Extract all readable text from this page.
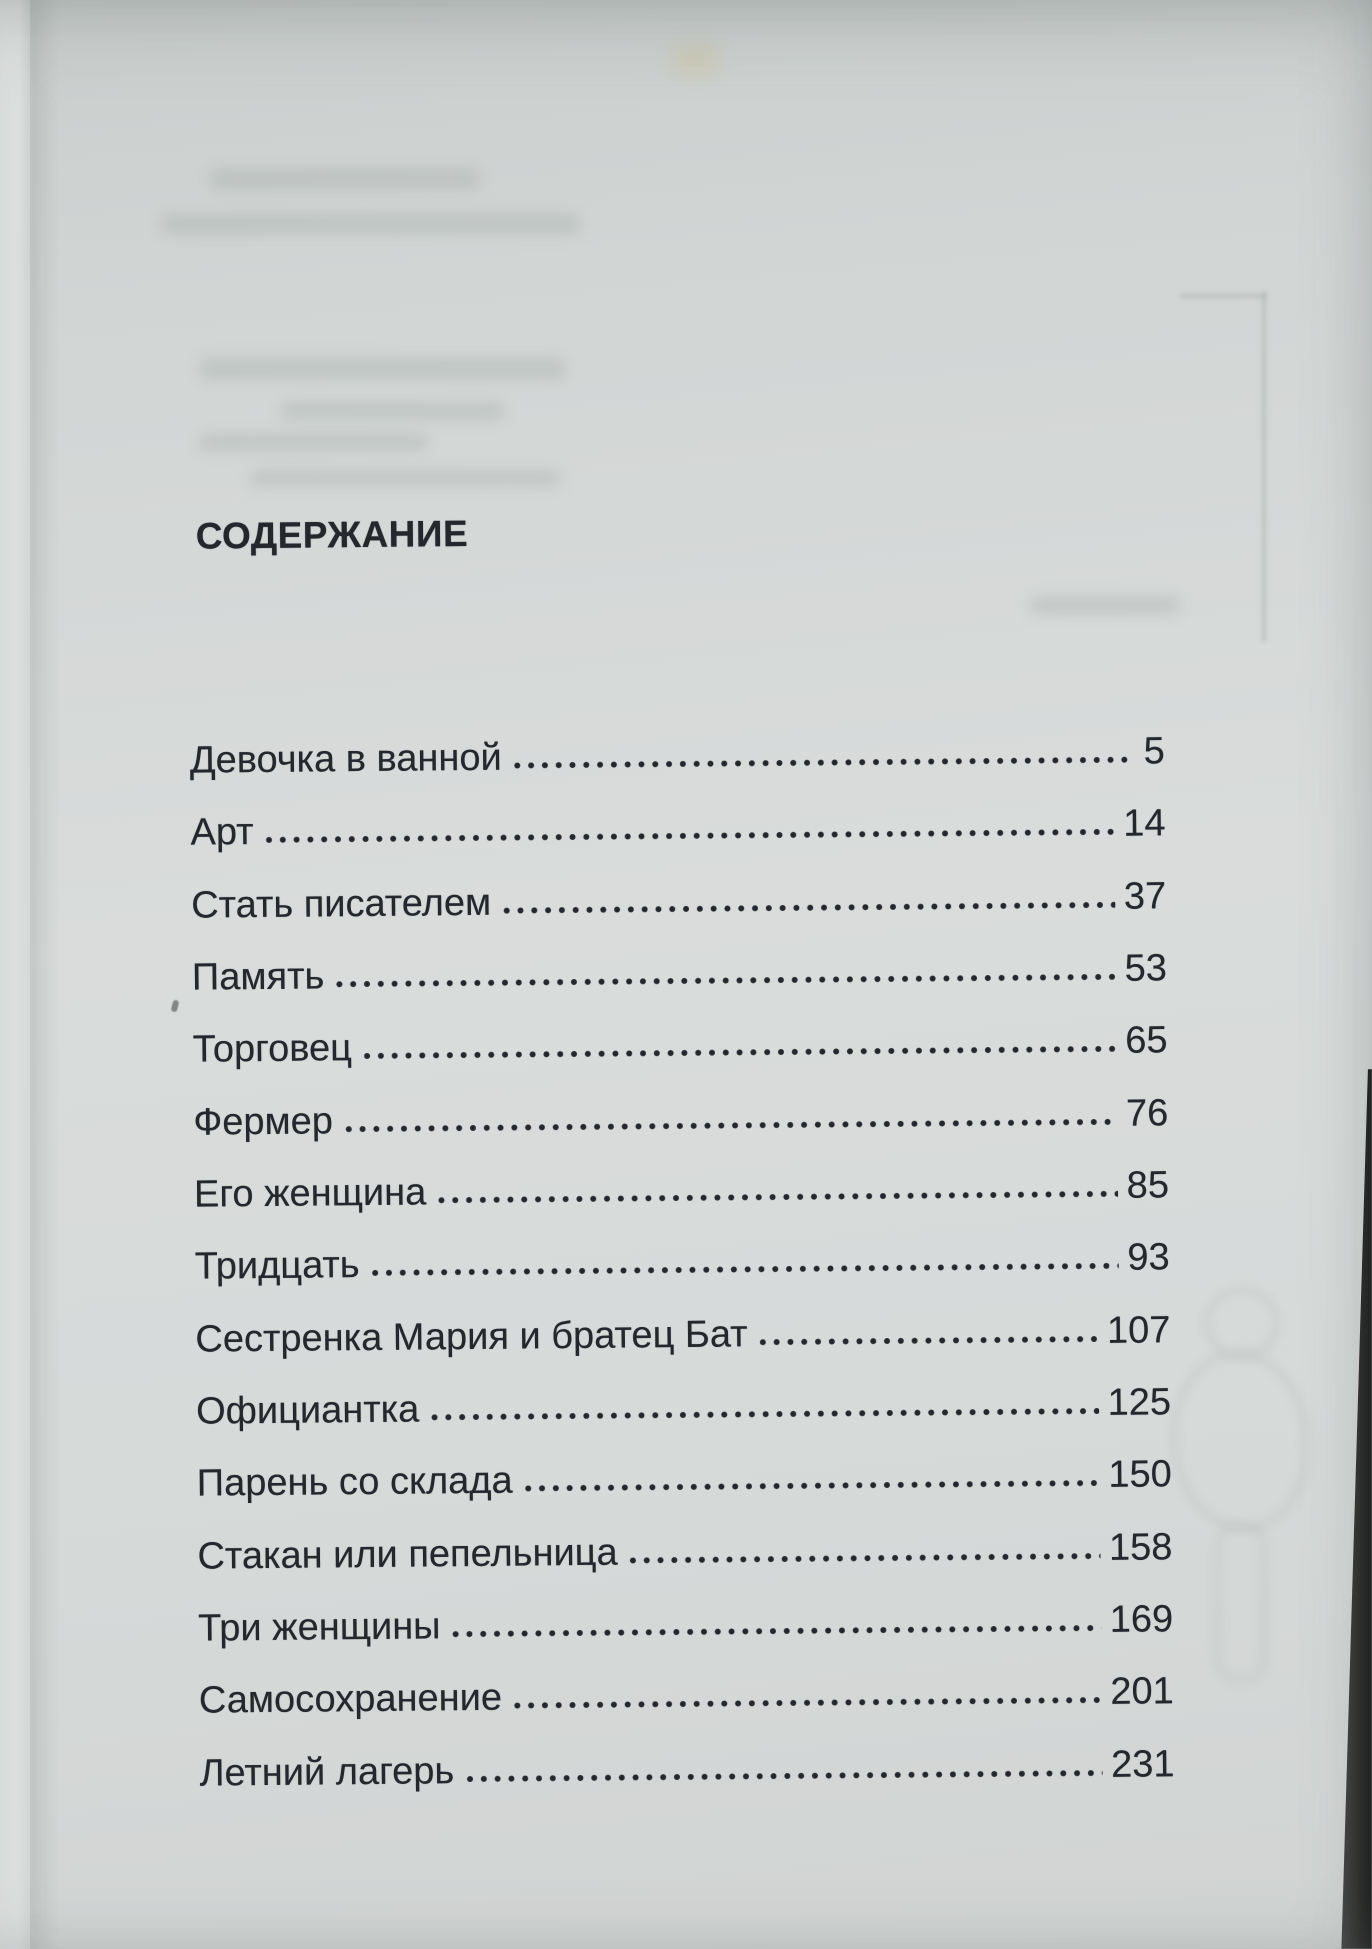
СОДЕРЖАНИЕ
Девочка в ванной	5
Арт	14
Стать писателем	37
Память	53
Торговец	65
Фермер	76
Его женщина	85
Тридцать	93
Сестренка Мария и братец Бат	107
Официантка	125
Парень со склада	150
Стакан или пепельница	158
Три женщины	169
Самосохранение	201
Летний лагерь	231
